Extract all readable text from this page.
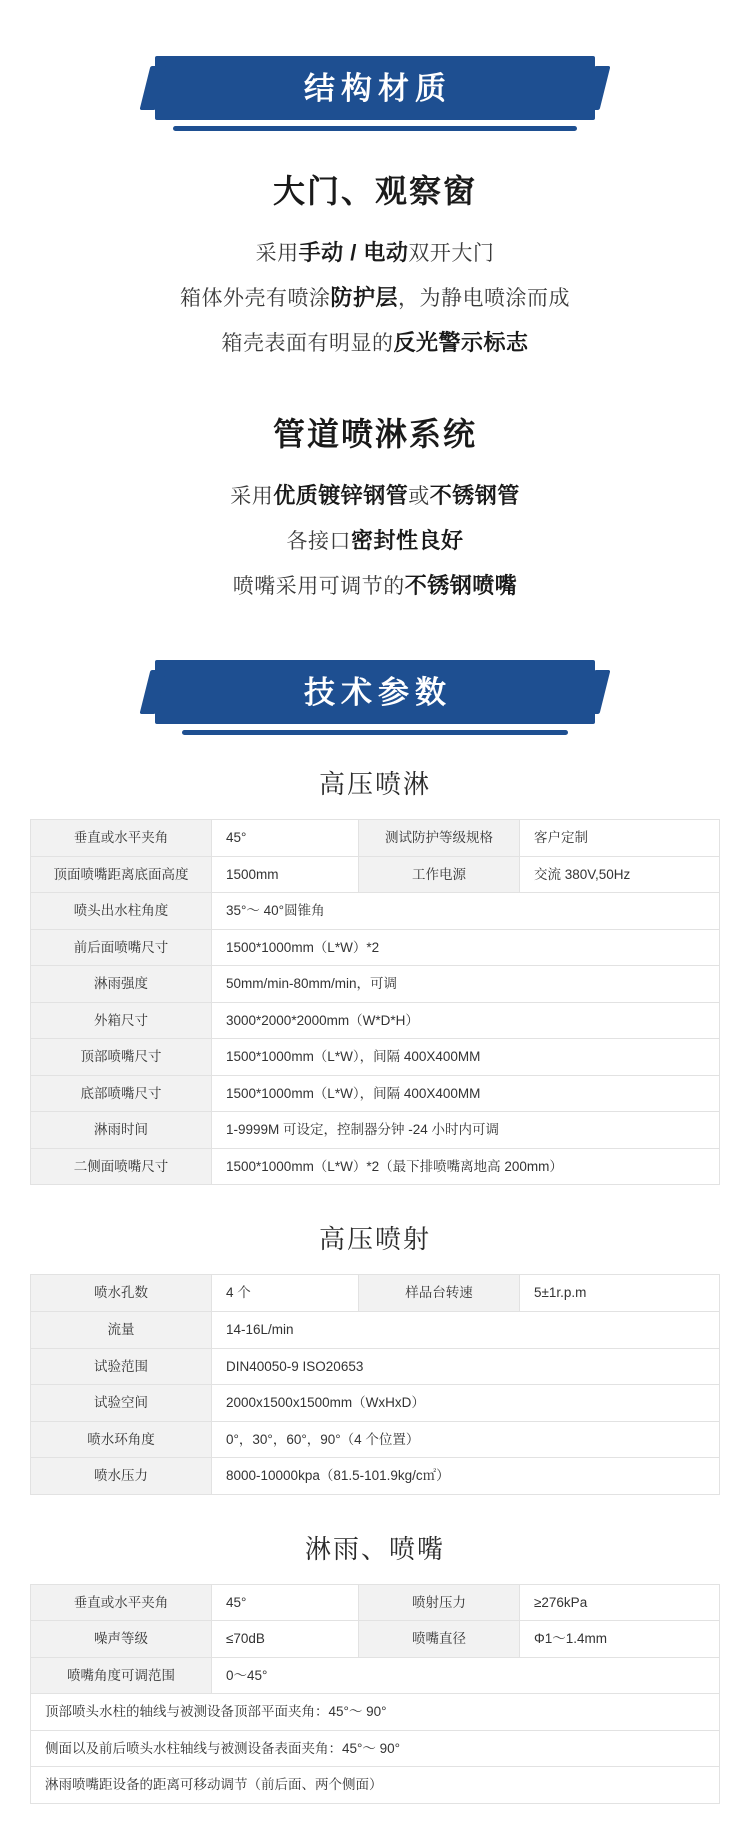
结构材质
大门、观察窗
采用手动 / 电动双开大门
箱体外壳有喷涂防护层，为静电喷涂而成
箱壳表面有明显的反光警示标志
管道喷淋系统
采用优质镀锌钢管或不锈钢管
各接口密封性良好
喷嘴采用可调节的不锈钢喷嘴
技术参数
高压喷淋
垂直或水平夹角	45°	测试防护等级规格	客户定制
顶面喷嘴距离底面高度	1500mm	工作电源	交流 380V,50Hz
喷头出水柱角度	35°～ 40°圆锥角		
前后面喷嘴尺寸	1500*1000mm（L*W）*2		
淋雨强度	50mm/min-80mm/min，可调		
外箱尺寸	3000*2000*2000mm（W*D*H）		
顶部喷嘴尺寸	1500*1000mm（L*W），间隔 400X400MM		
底部喷嘴尺寸	1500*1000mm（L*W），间隔 400X400MM		
淋雨时间	1-9999M 可设定，控制器分钟 -24 小时内可调		
二侧面喷嘴尺寸	1500*1000mm（L*W）*2（最下排喷嘴离地高 200mm）		
高压喷射
喷水孔数	4 个	样品台转速	5±1r.p.m
流量	14-16L/min		
试验范围	DIN40050-9 ISO20653		
试验空间	2000x1500x1500mm（WxHxD）		
喷水环角度	0°，30°，60°，90°（4 个位置）		
喷水压力	8000-10000kpa（81.5-101.9kg/c㎡）		
淋雨、喷嘴
垂直或水平夹角	45°	喷射压力	≥276kPa
噪声等级	≤70dB	喷嘴直径	Φ1～1.4mm
喷嘴角度可调范围	0～45°		
顶部喷头水柱的轴线与被测设备顶部平面夹角：45°～ 90°			
侧面以及前后喷头水柱轴线与被测设备表面夹角：45°～ 90°			
淋雨喷嘴距设备的距离可移动调节（前后面、两个侧面）			
